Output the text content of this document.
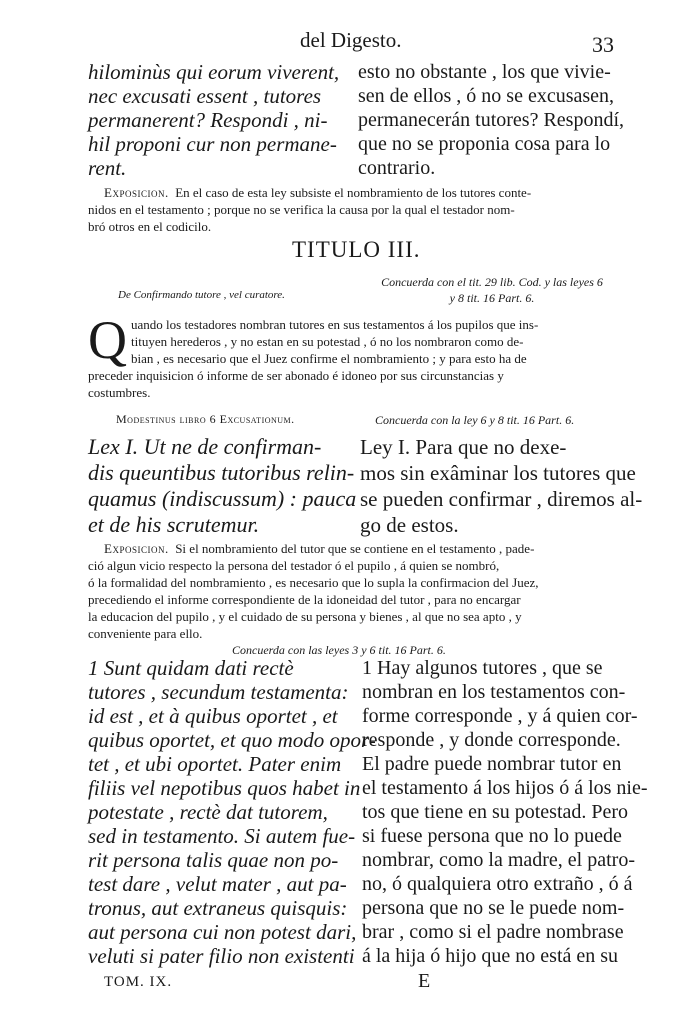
del Digesto.	33
hilominùs qui eorum viverent,
nec excusati essent , tutores
permanerent? Respondi , ni-
hil proponi cur non permane-
rent.
esto no obstante , los que vivie-
sen de ellos , ó no se excusasen,
permanecerán tutores? Respondí,
que no se proponia cosa para lo
contrario.
Exposicion. En el caso de esta ley subsiste el nombramiento de los tutores conte-
nidos en el testamento ; porque no se verifica la causa por la qual el testador nom-
bró otros en el codicilo.
TITULO III.
De Confirmando tutore , vel curatore.
Concuerda con el tit. 29 lib. Cod. y las leyes 6
y 8 tit. 16 Part. 6.
Q uando los testadores nombran tutores en sus testamentos á los pupilos que ins-
tituyen herederos , y no estan en su potestad , ó no los nombraron como de-
bian , es necesario que el Juez confirme el nombramiento ; y para esto ha de
preceder inquisicion ó informe de ser abonado é idoneo por sus circunstancias y
costumbres.
Modestinus libro 6 Excusationum.	Concuerda con la ley 6 y 8 tit. 16 Part. 6.
Lex I. Ut ne de confirman-
dis queuntibus tutoribus relin-
quamus (indiscussum) : pauca
et de his scrutemur.
Ley I. Para que no dexe-
mos sin exâminar los tutores que
se pueden confirmar , diremos al-
go de estos.
Exposicion. Si el nombramiento del tutor que se contiene en el testamento , pade-
ció algun vicio respecto la persona del testador ó el pupilo , á quien se nombró,
ó la formalidad del nombramiento , es necesario que lo supla la confirmacion del Juez,
precediendo el informe correspondiente de la idoneidad del tutor , para no encargar
la educacion del pupilo , y el cuidado de su persona y bienes , al que no sea apto , y
conveniente para ello.
Concuerda con las leyes 3 y 6 tit. 16 Part. 6.
1 Sunt quidam dati rectè
tutores , secundum testamenta:
id est , et à quibus oportet , et
quibus oportet, et quo modo opor-
tet , et ubi oportet. Pater enim
filiis vel nepotibus quos habet in
potestate , rectè dat tutorem,
sed in testamento. Si autem fue-
rit persona talis quae non po-
test dare , velut mater , aut pa-
tronus, aut extraneus quisquis:
aut persona cui non potest dari,
veluti si pater filio non existenti
1 Hay algunos tutores , que se
nombran en los testamentos con-
forme corresponde , y á quien cor-
responde , y donde corresponde.
El padre puede nombrar tutor en
el testamento á los hijos ó á los nie-
tos que tiene en su potestad. Pero
si fuese persona que no lo puede
nombrar, como la madre, el patro-
no, ó qualquiera otro extraño , ó á
persona que no se le puede nom-
brar , como si el padre nombrase
á la hija ó hijo que no está en su
TOM. IX.	E
